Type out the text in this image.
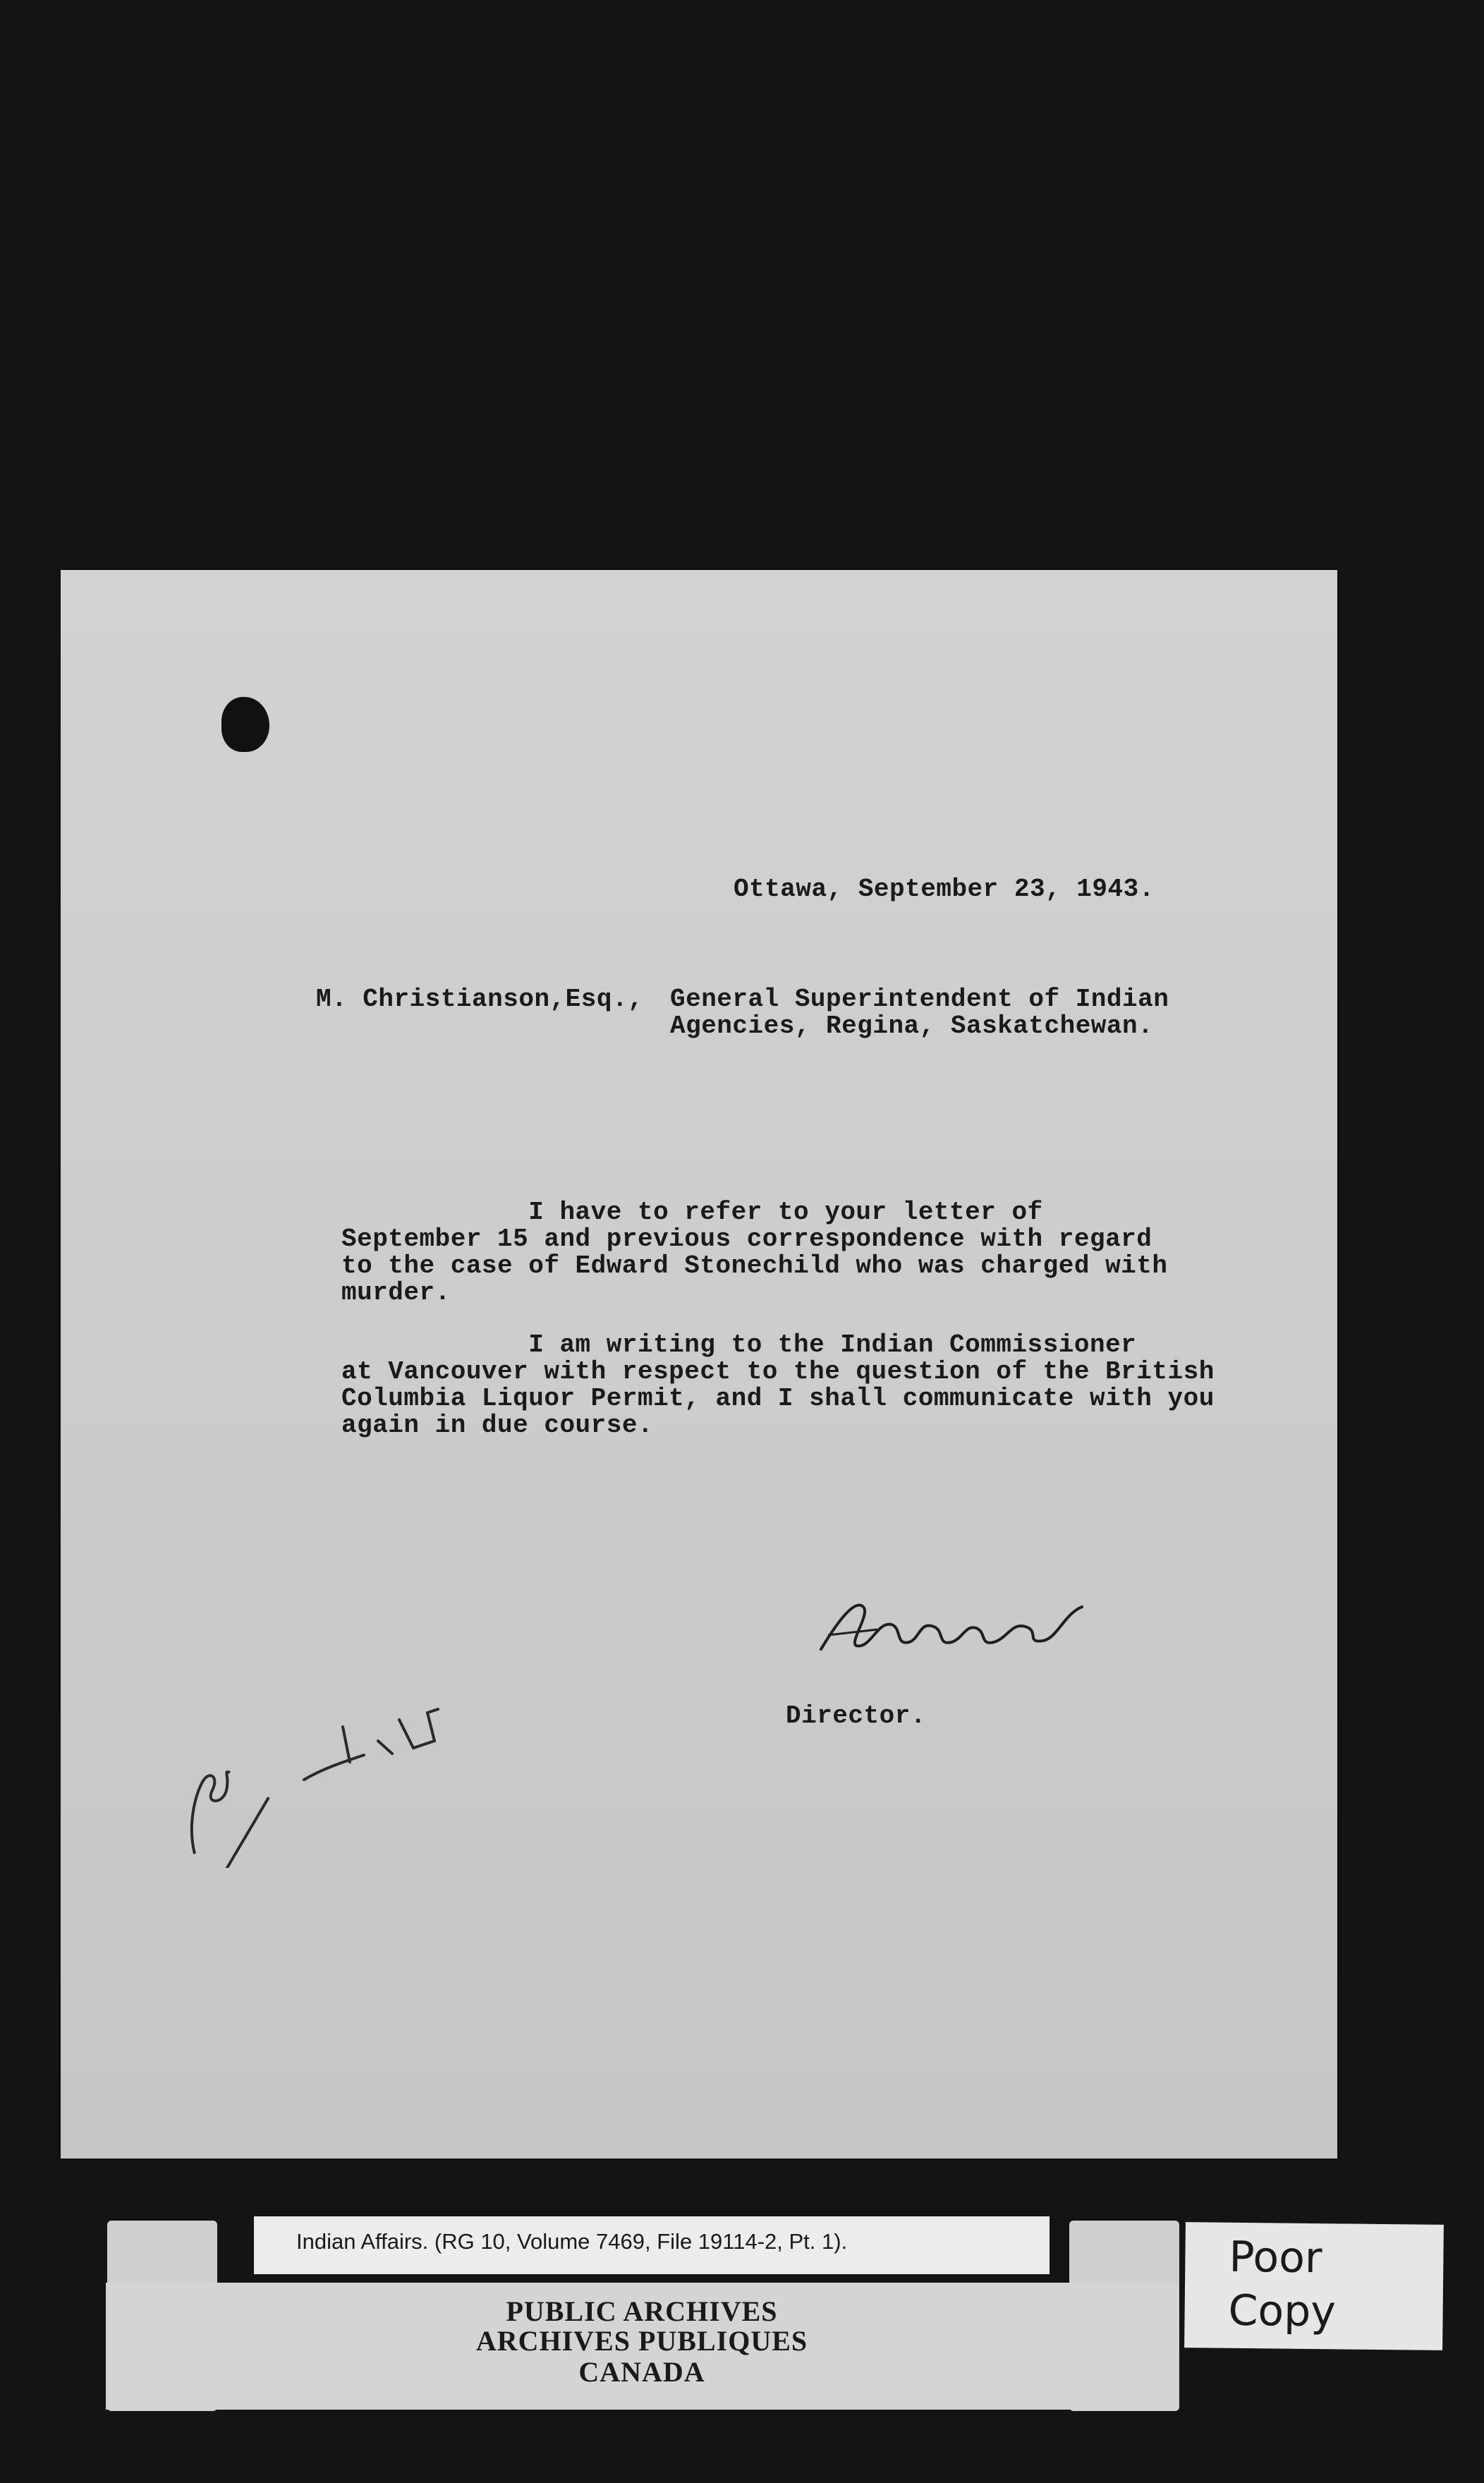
Ottawa, September 23, 1943.
M. Christianson,Esq., General Superintendent of Indian
Agencies, Regina, Saskatchewan.
I have to refer to your letter of
September 15 and previous correspondence with regard
to the case of Edward Stonechild who was charged with
murder.
I am writing to the Indian Commissioner
at Vancouver with respect to the question of the British
Columbia Liquor Permit, and I shall communicate with you
again in due course.
Director.
Indian Affairs. (RG 10, Volume 7469, File 19114-2, Pt. 1).
PUBLIC ARCHIVES
ARCHIVES PUBLIQUES
CANADA
Poor
Copy
